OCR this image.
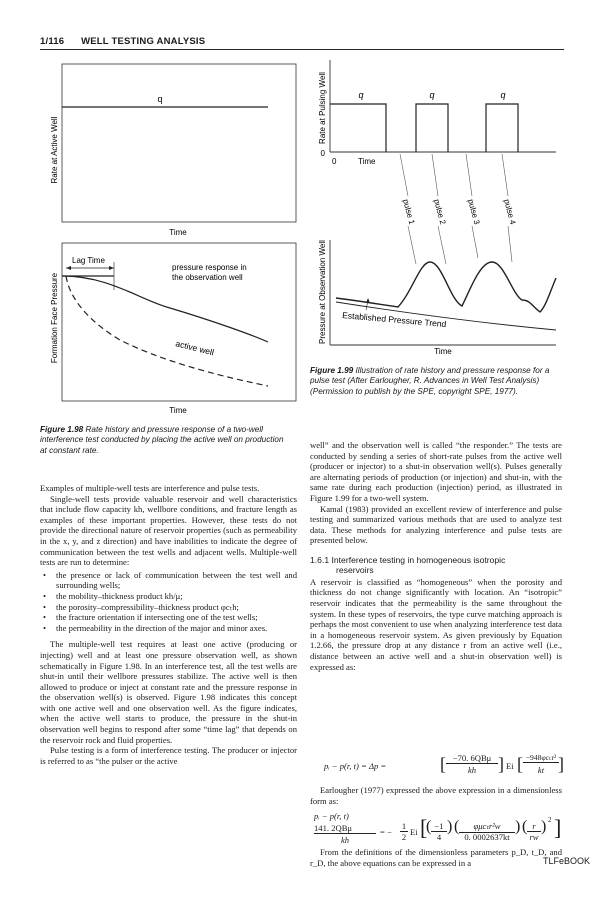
1/116 WELL TESTING ANALYSIS
q
Rate at Active Well
Time
Lag Time
pressure response in
the observation well
active well
Formation Face Pressure
Time
q	q	q
0
0	Time
Rate at Pulsing Well
pulse 1 pulse 2 pulse 3	pulse 4
Established Pressure Trend
Time
Pressure at Observation Well
Figure 1.99 Illustration of rate history and pressure response for a pulse test (After Earlougher, R. Advances in Well Test Analysis) (Permission to publish by the SPE, copyright SPE, 1977).
Figure 1.98 Rate history and pressure response of a two-well interference test conducted by placing the active well on production at constant rate.

Examples of multiple-well tests are interference and pulse tests.

Single-well tests provide valuable reservoir and well characteristics that include flow capacity kh, wellbore conditions, and fracture length as examples of these important properties. However, these tests do not provide the directional nature of reservoir properties (such as permeability in the x, y, and z direction) and have inabilities to indicate the degree of communication between the test wells and adjacent wells. Multiple-well tests are run to determine:

• the presence or lack of communication between the test well and surrounding wells;
• the mobility–thickness product kh/μ;
• the porosity–compressibility–thickness product φcₜh;
• the fracture orientation if intersecting one of the test wells;
• the permeability in the direction of the major and minor axes.

The multiple-well test requires at least one active (producing or injecting) well and at least one pressure observation well, as shown schematically in Figure 1.98. In an interference test, all the test wells are shut-in until their wellbore pressures stabilize. The active well is then allowed to produce or inject at constant rate and the pressure response in the observation well(s) is observed. Figure 1.98 indicates this concept with one active well and one observation well. As the figure indicates, when the active well starts to produce, the pressure in the shut-in observation well begins to respond after some “time lag” that depends on the reservoir rock and fluid properties.

Pulse testing is a form of interference testing. The producer or injector is referred to as “the pulser or the active

well” and the observation well is called “the responder.” The tests are conducted by sending a series of short-rate pulses from the active well (producer or injector) to a shut-in observation well(s). Pulses generally are alternating periods of production (or injection) and shut-in, with the same rate during each production (injection) period, as illustrated in Figure 1.99 for a two-well system.

Kamal (1983) provided an excellent review of interference and pulse testing and summarized various methods that are used to analyze test data. These methods for analyzing interference and pulse tests are presented below.

1.6.1 Interference testing in homogeneous isotropic
reservoirs

A reservoir is classified as “homogeneous” when the porosity and thickness do not change significantly with location. An “isotropic” reservoir indicates that the permeability is the same throughout the system. In these types of reservoirs, the type curve matching approach is perhaps the most convenient to use when analyzing interference test data in a homogeneous reservoir system. As given previously by Equation 1.2.66, the pressure drop at any distance r from an active well (i.e., distance between an active well and a shut-in observation well) is expressed as:

pᵢ − p(r, t) = Δp =	[ −70. 6QBμ
kh	] Ei [ −948φcₜr²
kt ]

Earlougher (1977) expressed the above expression in a dimensionless form as:

pᵢ − p(r, t)
141. 2QBμ
kh
= −
1
2 Ei [
( −1
4
) (	φμcₜr²w
0. 0002637kt
) ( r
rw
) 2 ]

From the definitions of the dimensionless parameters p_D, t_D, and r_D, the above equations can be expressed in a	TLFeBOOK
